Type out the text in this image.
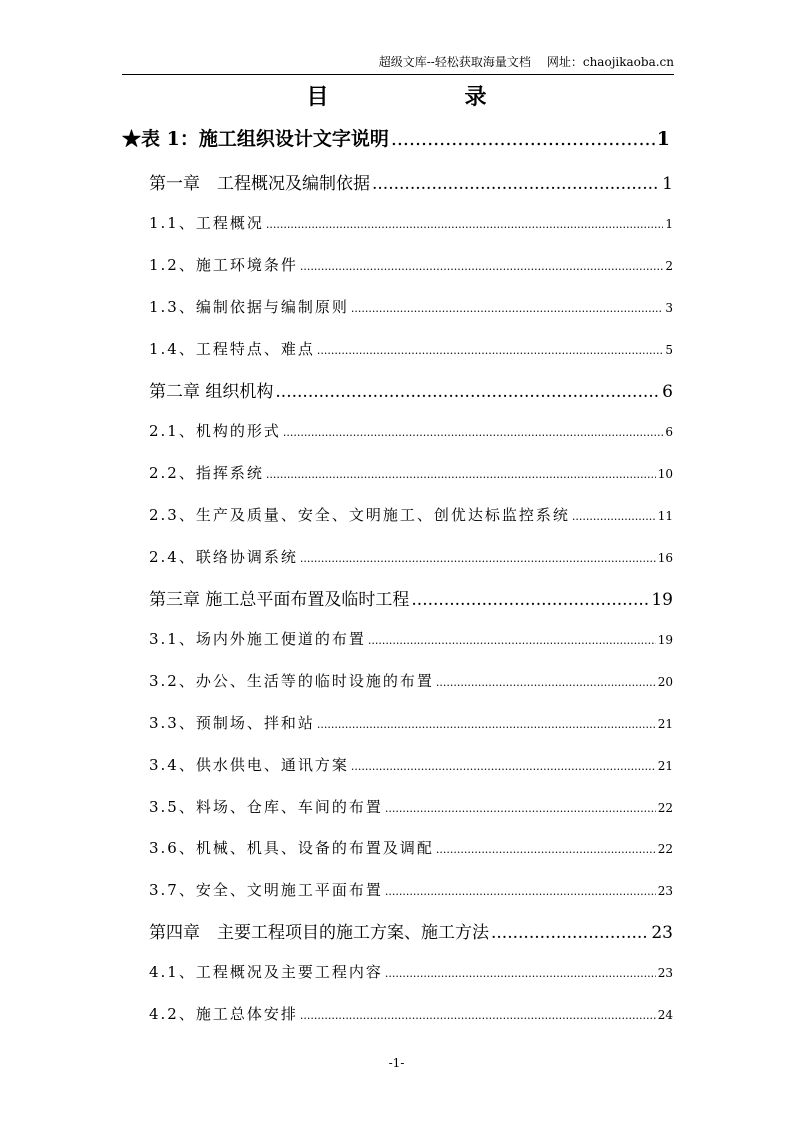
超级文库--轻松获取海量文档 网址：chaojikaoba.cn
目	录
★表 1：施工组织设计文字说明 .....	1
第一章　工程概况及编制依据 .....	1
1.1、工程概况 .....	1
1.2、施工环境条件 .....	2
1.3、编制依据与编制原则 .....	3
1.4、工程特点、难点 .....	5
第二章 组织机构 .....	6
2.1、机构的形式 .....	6
2.2、指挥系统 .....	10
2.3、生产及质量、安全、文明施工、创优达标监控系统 .....	11
2.4、联络协调系统 .....	16
第三章 施工总平面布置及临时工程 .....	19
3.1、场内外施工便道的布置 .....	19
3.2、办公、生活等的临时设施的布置 .....	20
3.3、预制场、拌和站 .....	21
3.4、供水供电、通讯方案 .....	21
3.5、料场、仓库、车间的布置 .....	22
3.6、机械、机具、设备的布置及调配 .....	22
3.7、安全、文明施工平面布置 .....	23
第四章　主要工程项目的施工方案、施工方法 .....	23
4.1、工程概况及主要工程内容 .....	23
4.2、施工总体安排 .....	24
-1-
